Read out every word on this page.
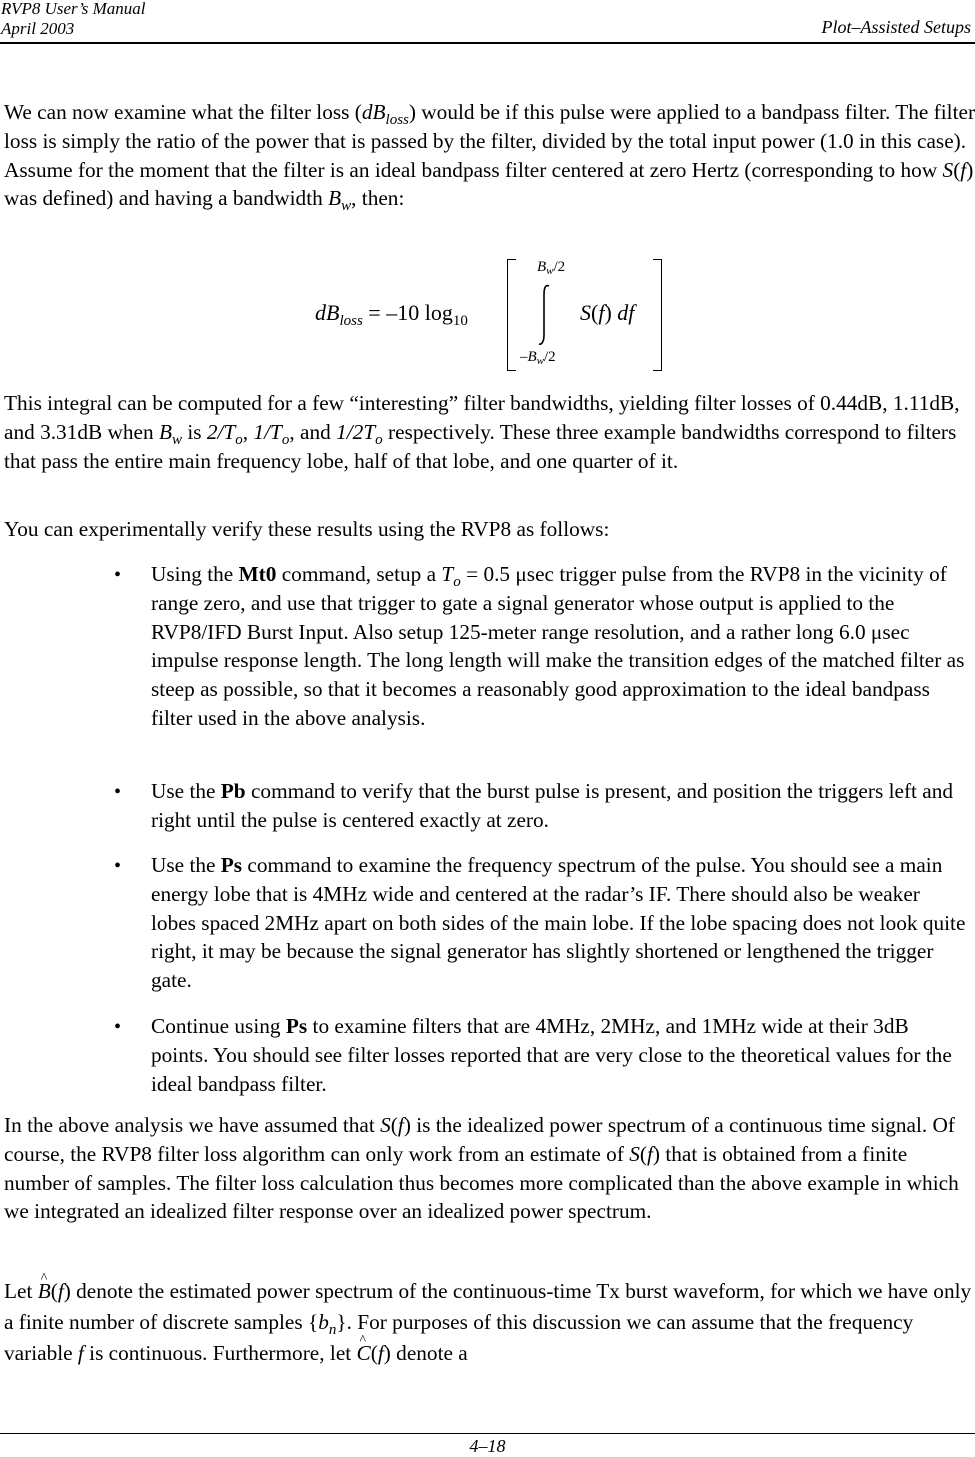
RVP8 User’s Manual
April 2003	Plot–Assisted Setups

We can now examine what the filter loss $(dB_{loss})$ would be if this pulse were applied to a bandpass filter. The filter loss is simply the ratio of the power that is passed by the filter, divided by the total input power (1.0 in this case). Assume for the moment that the filter is an ideal bandpass filter centered at zero Hertz (corresponding to how S(f) was defined) and having a bandwidth $B_w$, then:

$dB_{loss} = -10$ $\log_{10}$
$B_w/2$
$-B_w/2$
S(f) df

This integral can be computed for a few “interesting” filter bandwidths, yielding filter losses of 0.44dB, 1.11dB, and 3.31dB when $B_w$ is $2/T_o$, $1/T_o$, and $1/2T_o$ respectively. These three example bandwidths correspond to filters that pass the entire main frequency lobe, half of that lobe, and one quarter of it.

You can experimentally verify these results using the RVP8 as follows:

• Using the Mt0 command, setup a $T_o = 0.5$ μsec trigger pulse from the RVP8 in the vicinity of range zero, and use that trigger to gate a signal generator whose output is applied to the RVP8/IFD Burst Input. Also setup 125-meter range resolution, and a rather long 6.0 μsec impulse response length. The long length will make the transition edges of the matched filter as steep as possible, so that it becomes a reasonably good approximation to the ideal bandpass filter used in the above analysis.

• Use the Pb command to verify that the burst pulse is present, and position the triggers left and right until the pulse is centered exactly at zero.

• Use the Ps command to examine the frequency spectrum of the pulse. You should see a main energy lobe that is 4MHz wide and centered at the radar’s IF. There should also be weaker lobes spaced 2MHz apart on both sides of the main lobe. If the lobe spacing does not look quite right, it may be because the signal generator has slightly shortened or lengthened the trigger gate.

• Continue using Ps to examine filters that are 4MHz, 2MHz, and 1MHz wide at their 3dB points. You should see filter losses reported that are very close to the theoretical values for the ideal bandpass filter.

In the above analysis we have assumed that S(f) is the idealized power spectrum of a continuous time signal. Of course, the RVP8 filter loss algorithm can only work from an estimate of S(f) that is obtained from a finite number of samples. The filter loss calculation thus becomes more complicated than the above example in which we integrated an idealized filter response over an idealized power spectrum.

Let ^ B(f) denote the estimated power spectrum of the continuous-time Tx burst waveform, for which we have only a finite number of discrete samples $\{b_n\}$. For purposes of this discussion we can assume that the frequency variable f is continuous. Furthermore, let ^ C(f) denote a

4–18
